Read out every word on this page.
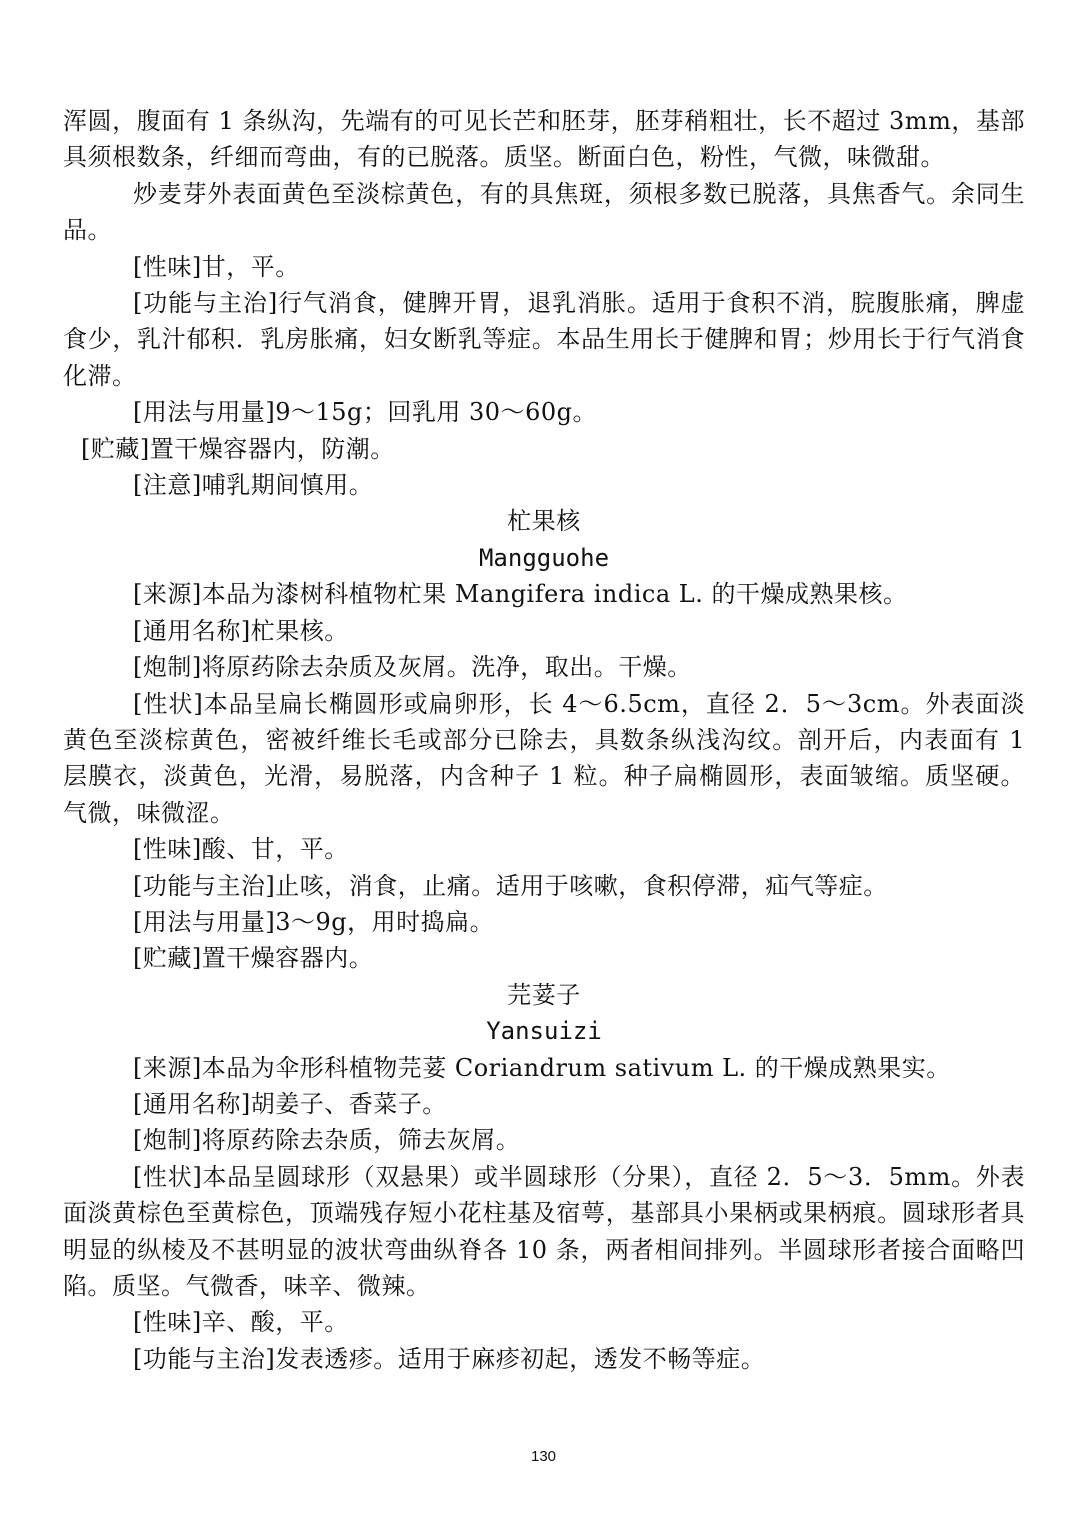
浑圆，腹面有 1 条纵沟，先端有的可见长芒和胚芽，胚芽稍粗壮，长不超过 3mm，基部具须根数条，纤细而弯曲，有的已脱落。质坚。断面白色，粉性，气微，味微甜。

炒麦芽外表面黄色至淡棕黄色，有的具焦斑，须根多数已脱落，具焦香气。余同生品。

[性味]甘，平。

[功能与主治]行气消食，健脾开胃，退乳消胀。适用于食积不消，脘腹胀痛，脾虚食少，乳汁郁积．乳房胀痛，妇女断乳等症。本品生用长于健脾和胃；炒用长于行气消食化滞。

[用法与用量]9～15g；回乳用 30～60g。

[贮藏]置干燥容器内，防潮。

[注意]哺乳期间慎用。

杧果核

Mangguohe

[来源]本品为漆树科植物杧果 Mangifera indica L. 的干燥成熟果核。

[通用名称]杧果核。

[炮制]将原药除去杂质及灰屑。洗净，取出。干燥。

[性状]本品呈扁长椭圆形或扁卵形，长 4～6.5cm，直径 2．5～3cm。外表面淡黄色至淡棕黄色，密被纤维长毛或部分已除去，具数条纵浅沟纹。剖开后，内表面有 1 层膜衣，淡黄色，光滑，易脱落，内含种子 1 粒。种子扁椭圆形，表面皱缩。质坚硬。气微，味微涩。

[性味]酸、甘，平。

[功能与主治]止咳，消食，止痛。适用于咳嗽，食积停滞，疝气等症。

[用法与用量]3～9g，用时捣扁。

[贮藏]置干燥容器内。

芫荽子

Yansuizi

[来源]本品为伞形科植物芫荽 Coriandrum sativum L. 的干燥成熟果实。

[通用名称]胡姜子、香菜子。

[炮制]将原药除去杂质，筛去灰屑。

[性状]本品呈圆球形（双悬果）或半圆球形（分果），直径 2．5～3．5mm。外表面淡黄棕色至黄棕色，顶端残存短小花柱基及宿萼，基部具小果柄或果柄痕。圆球形者具明显的纵棱及不甚明显的波状弯曲纵脊各 10 条，两者相间排列。半圆球形者接合面略凹陷。质坚。气微香，味辛、微辣。

[性味]辛、酸，平。

[功能与主治]发表透疹。适用于麻疹初起，透发不畅等症。

130
